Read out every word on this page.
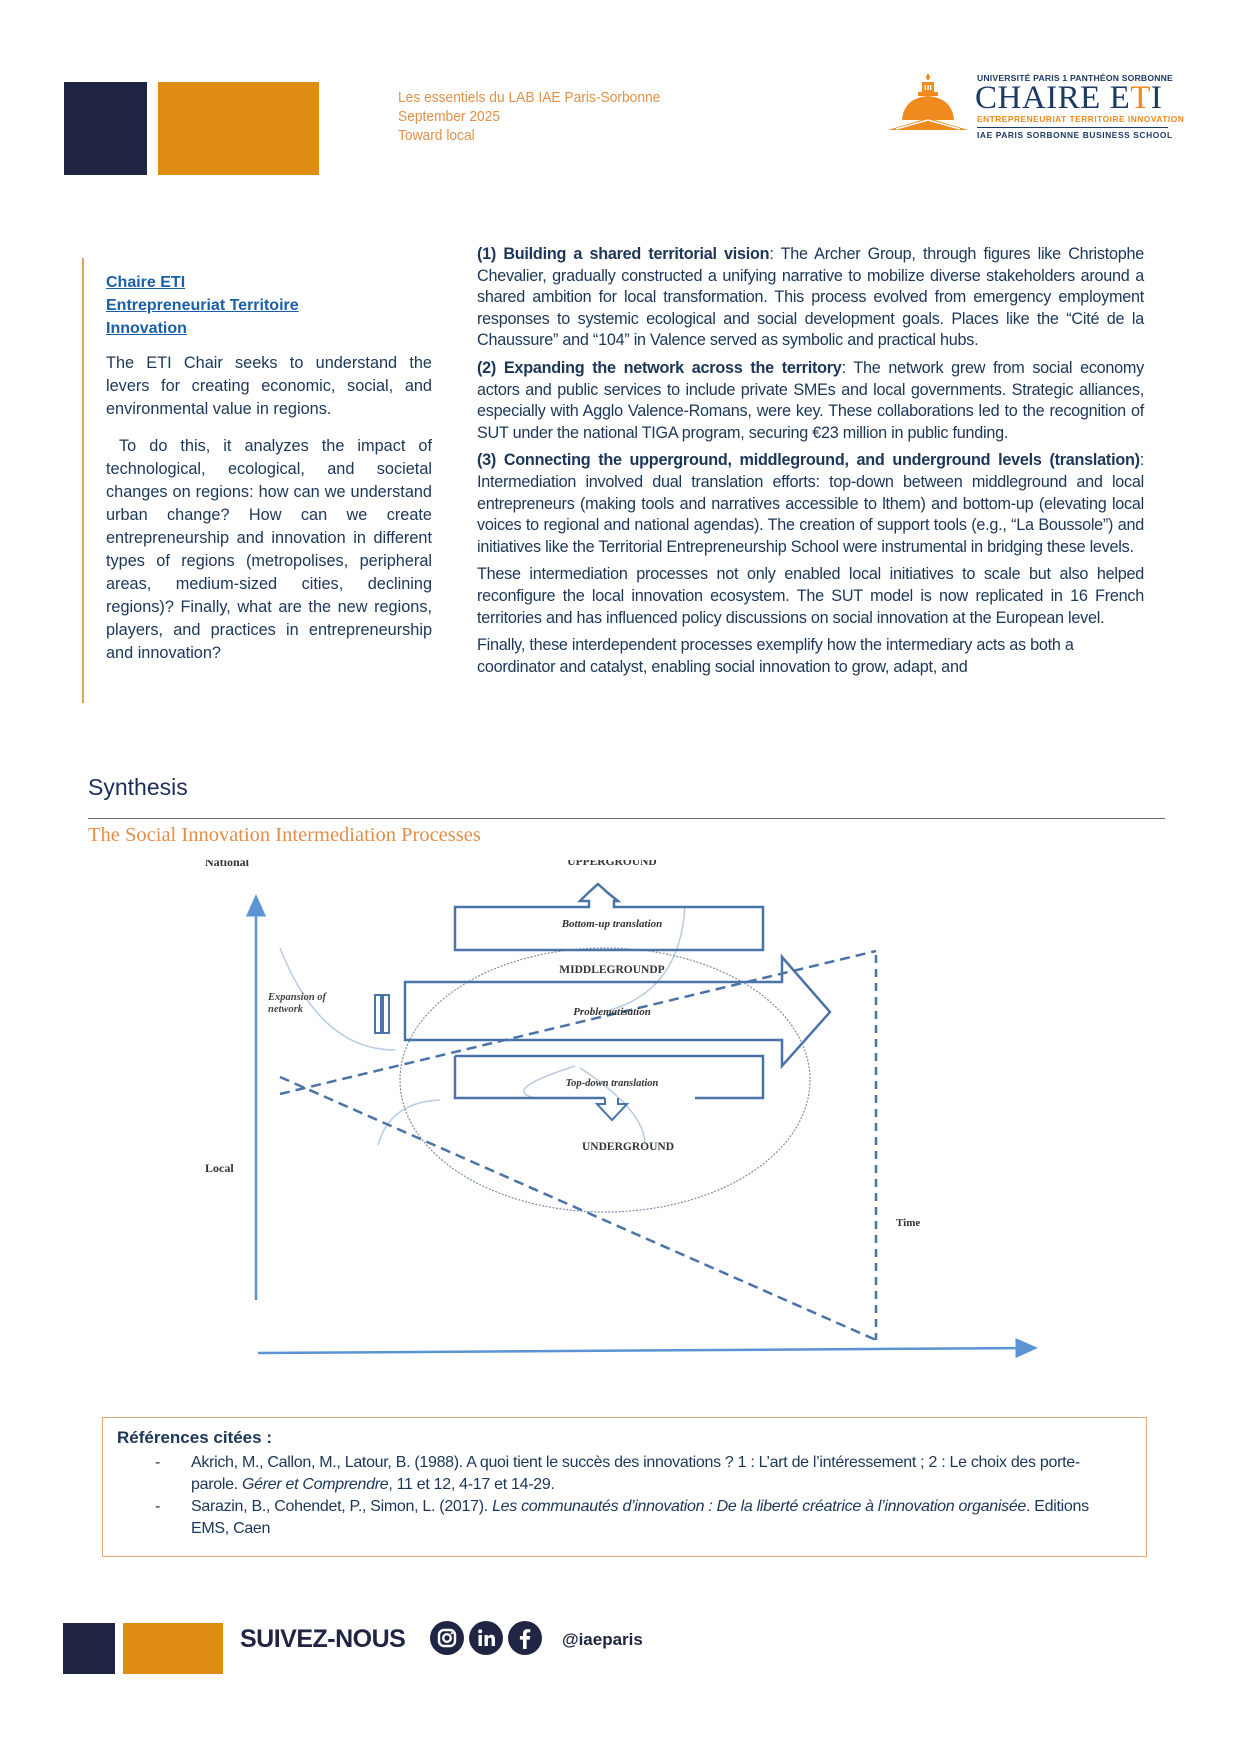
Les essentiels du LAB IAE Paris-Sorbonne
September 2025
Toward local
UNIVERSITÉ PARIS 1 PANTHÉON SORBONNE
CHAIRE ETI
ENTREPRENEURIAT TERRITOIRE INNOVATION
IAE PARIS SORBONNE BUSINESS SCHOOL
Chaire ETI
Entrepreneuriat Territoire
Innovation

The ETI Chair seeks to understand the levers for creating economic, social, and environmental value in regions.

To do this, it analyzes the impact of technological, ecological, and societal changes on regions: how can we understand urban change? How can we create entrepreneurship and innovation in different types of regions (metropolises, peripheral areas, medium-sized cities, declining regions)? Finally, what are the new regions, players, and practices in entrepreneurship and innovation?

(1) Building a shared territorial vision: The Archer Group, through figures like Christophe Chevalier, gradually constructed a unifying narrative to mobilize diverse stakeholders around a shared ambition for local transformation. This process evolved from emergency employment responses to systemic ecological and social development goals. Places like the “Cité de la Chaussure” and “104” in Valence served as symbolic and practical hubs.

(2) Expanding the network across the territory: The network grew from social economy actors and public services to include private SMEs and local governments. Strategic alliances, especially with Agglo Valence-Romans, were key. These collaborations led to the recognition of SUT under the national TIGA program, securing €23 million in public funding.

(3) Connecting the upperground, middleground, and underground levels (translation): Intermediation involved dual translation efforts: top-down between middleground and local entrepreneurs (making tools and narratives accessible to lthem) and bottom-up (elevating local voices to regional and national agendas). The creation of support tools (e.g., “La Boussole”) and initiatives like the Territorial Entrepreneurship School were instrumental in bridging these levels.

These intermediation processes not only enabled local initiatives to scale but also helped reconfigure the local innovation ecosystem. The SUT model is now replicated in 16 French territories and has influenced policy discussions on social innovation at the European level.

Finally, these interdependent processes exemplify how the intermediary acts as both a coordinator and catalyst, enabling social innovation to grow, adapt, and

Synthesis
The Social Innovation Intermediation Processes
National
Local
Time
UPPERGROUND
Bottom-up translation
MIDDLEGROUNDP
Problematisation
Top-down translation
UNDERGROUND
Expansion of
network
Références citées :
- Akrich, M., Callon, M., Latour, B. (1988). A quoi tient le succès des innovations ? 1 : L’art de l’intéressement ; 2 : Le choix des porte-parole. Gérer et Comprendre, 11 et 12, 4-17 et 14-29.
- Sarazin, B., Cohendet, P., Simon, L. (2017). Les communautés d’innovation : De la liberté créatrice à l’innovation organisée. Editions EMS, Caen
SUIVEZ-NOUS	@iaeparis
